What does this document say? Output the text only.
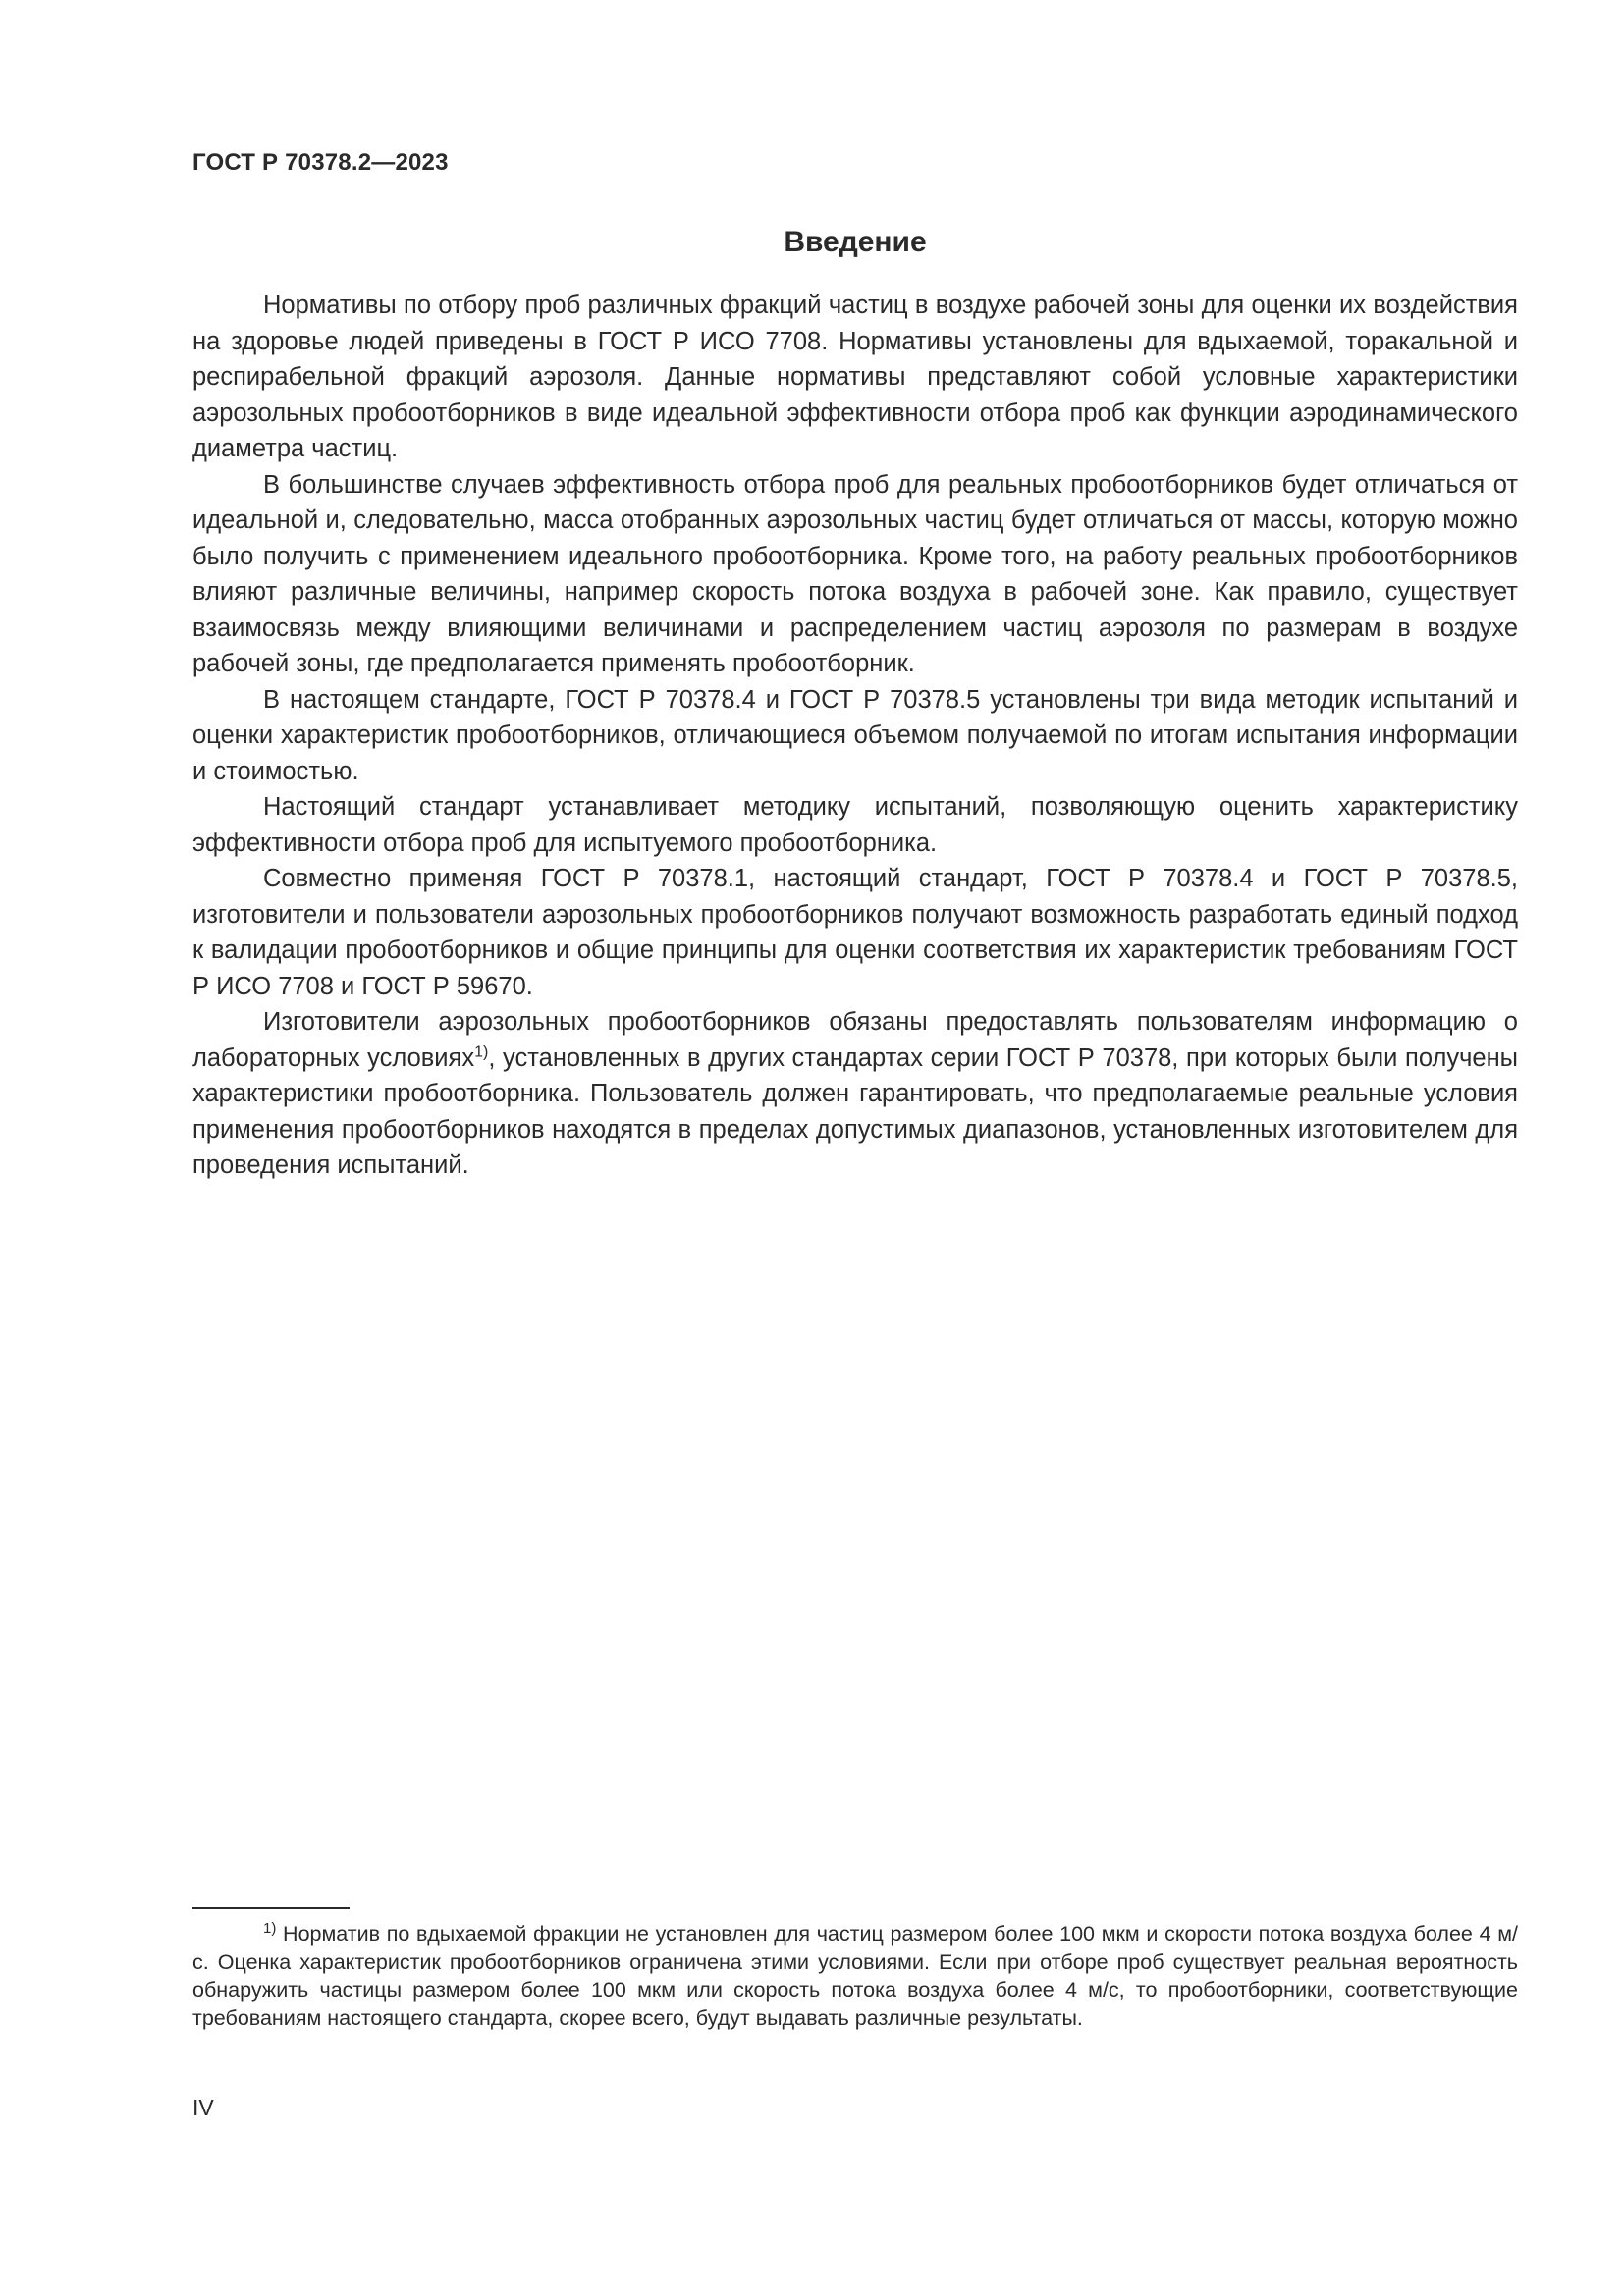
ГОСТ Р 70378.2—2023
Введение

Нормативы по отбору проб различных фракций частиц в воздухе рабочей зоны для оценки их воздействия на здоровье людей приведены в ГОСТ Р ИСО 7708. Нормативы установлены для вдыхаемой, торакальной и респирабельной фракций аэрозоля. Данные нормативы представляют собой условные характеристики аэрозольных пробоотборников в виде идеальной эффективности отбора проб как функции аэродинамического диаметра частиц.

В большинстве случаев эффективность отбора проб для реальных пробоотборников будет отличаться от идеальной и, следовательно, масса отобранных аэрозольных частиц будет отличаться от массы, которую можно было получить с применением идеального пробоотборника. Кроме того, на работу реальных пробоотборников влияют различные величины, например скорость потока воздуха в рабочей зоне. Как правило, существует взаимосвязь между влияющими величинами и распределением частиц аэрозоля по размерам в воздухе рабочей зоны, где предполагается применять пробоотборник.

В настоящем стандарте, ГОСТ Р 70378.4 и ГОСТ Р 70378.5 установлены три вида методик испытаний и оценки характеристик пробоотборников, отличающиеся объемом получаемой по итогам испытания информации и стоимостью.

Настоящий стандарт устанавливает методику испытаний, позволяющую оценить характеристику эффективности отбора проб для испытуемого пробоотборника.

Совместно применяя ГОСТ Р 70378.1, настоящий стандарт, ГОСТ Р 70378.4 и ГОСТ Р 70378.5, изготовители и пользователи аэрозольных пробоотборников получают возможность разработать единый подход к валидации пробоотборников и общие принципы для оценки соответствия их характеристик требованиям ГОСТ Р ИСО 7708 и ГОСТ Р 59670.

Изготовители аэрозольных пробоотборников обязаны предоставлять пользователям информацию о лабораторных условиях$^{1)}$, установленных в других стандартах серии ГОСТ Р 70378, при которых были получены характеристики пробоотборника. Пользователь должен гарантировать, что предполагаемые реальные условия применения пробоотборников находятся в пределах допустимых диапазонов, установленных изготовителем для проведения испытаний.

$^{1)}$ Норматив по вдыхаемой фракции не установлен для частиц размером более 100 мкм и скорости потока воздуха более 4 м/с. Оценка характеристик пробоотборников ограничена этими условиями. Если при отборе проб существует реальная вероятность обнаружить частицы размером более 100 мкм или скорость потока воздуха более 4 м/с, то пробоотборники, соответствующие требованиям настоящего стандарта, скорее всего, будут выдавать различные результаты.

IV
